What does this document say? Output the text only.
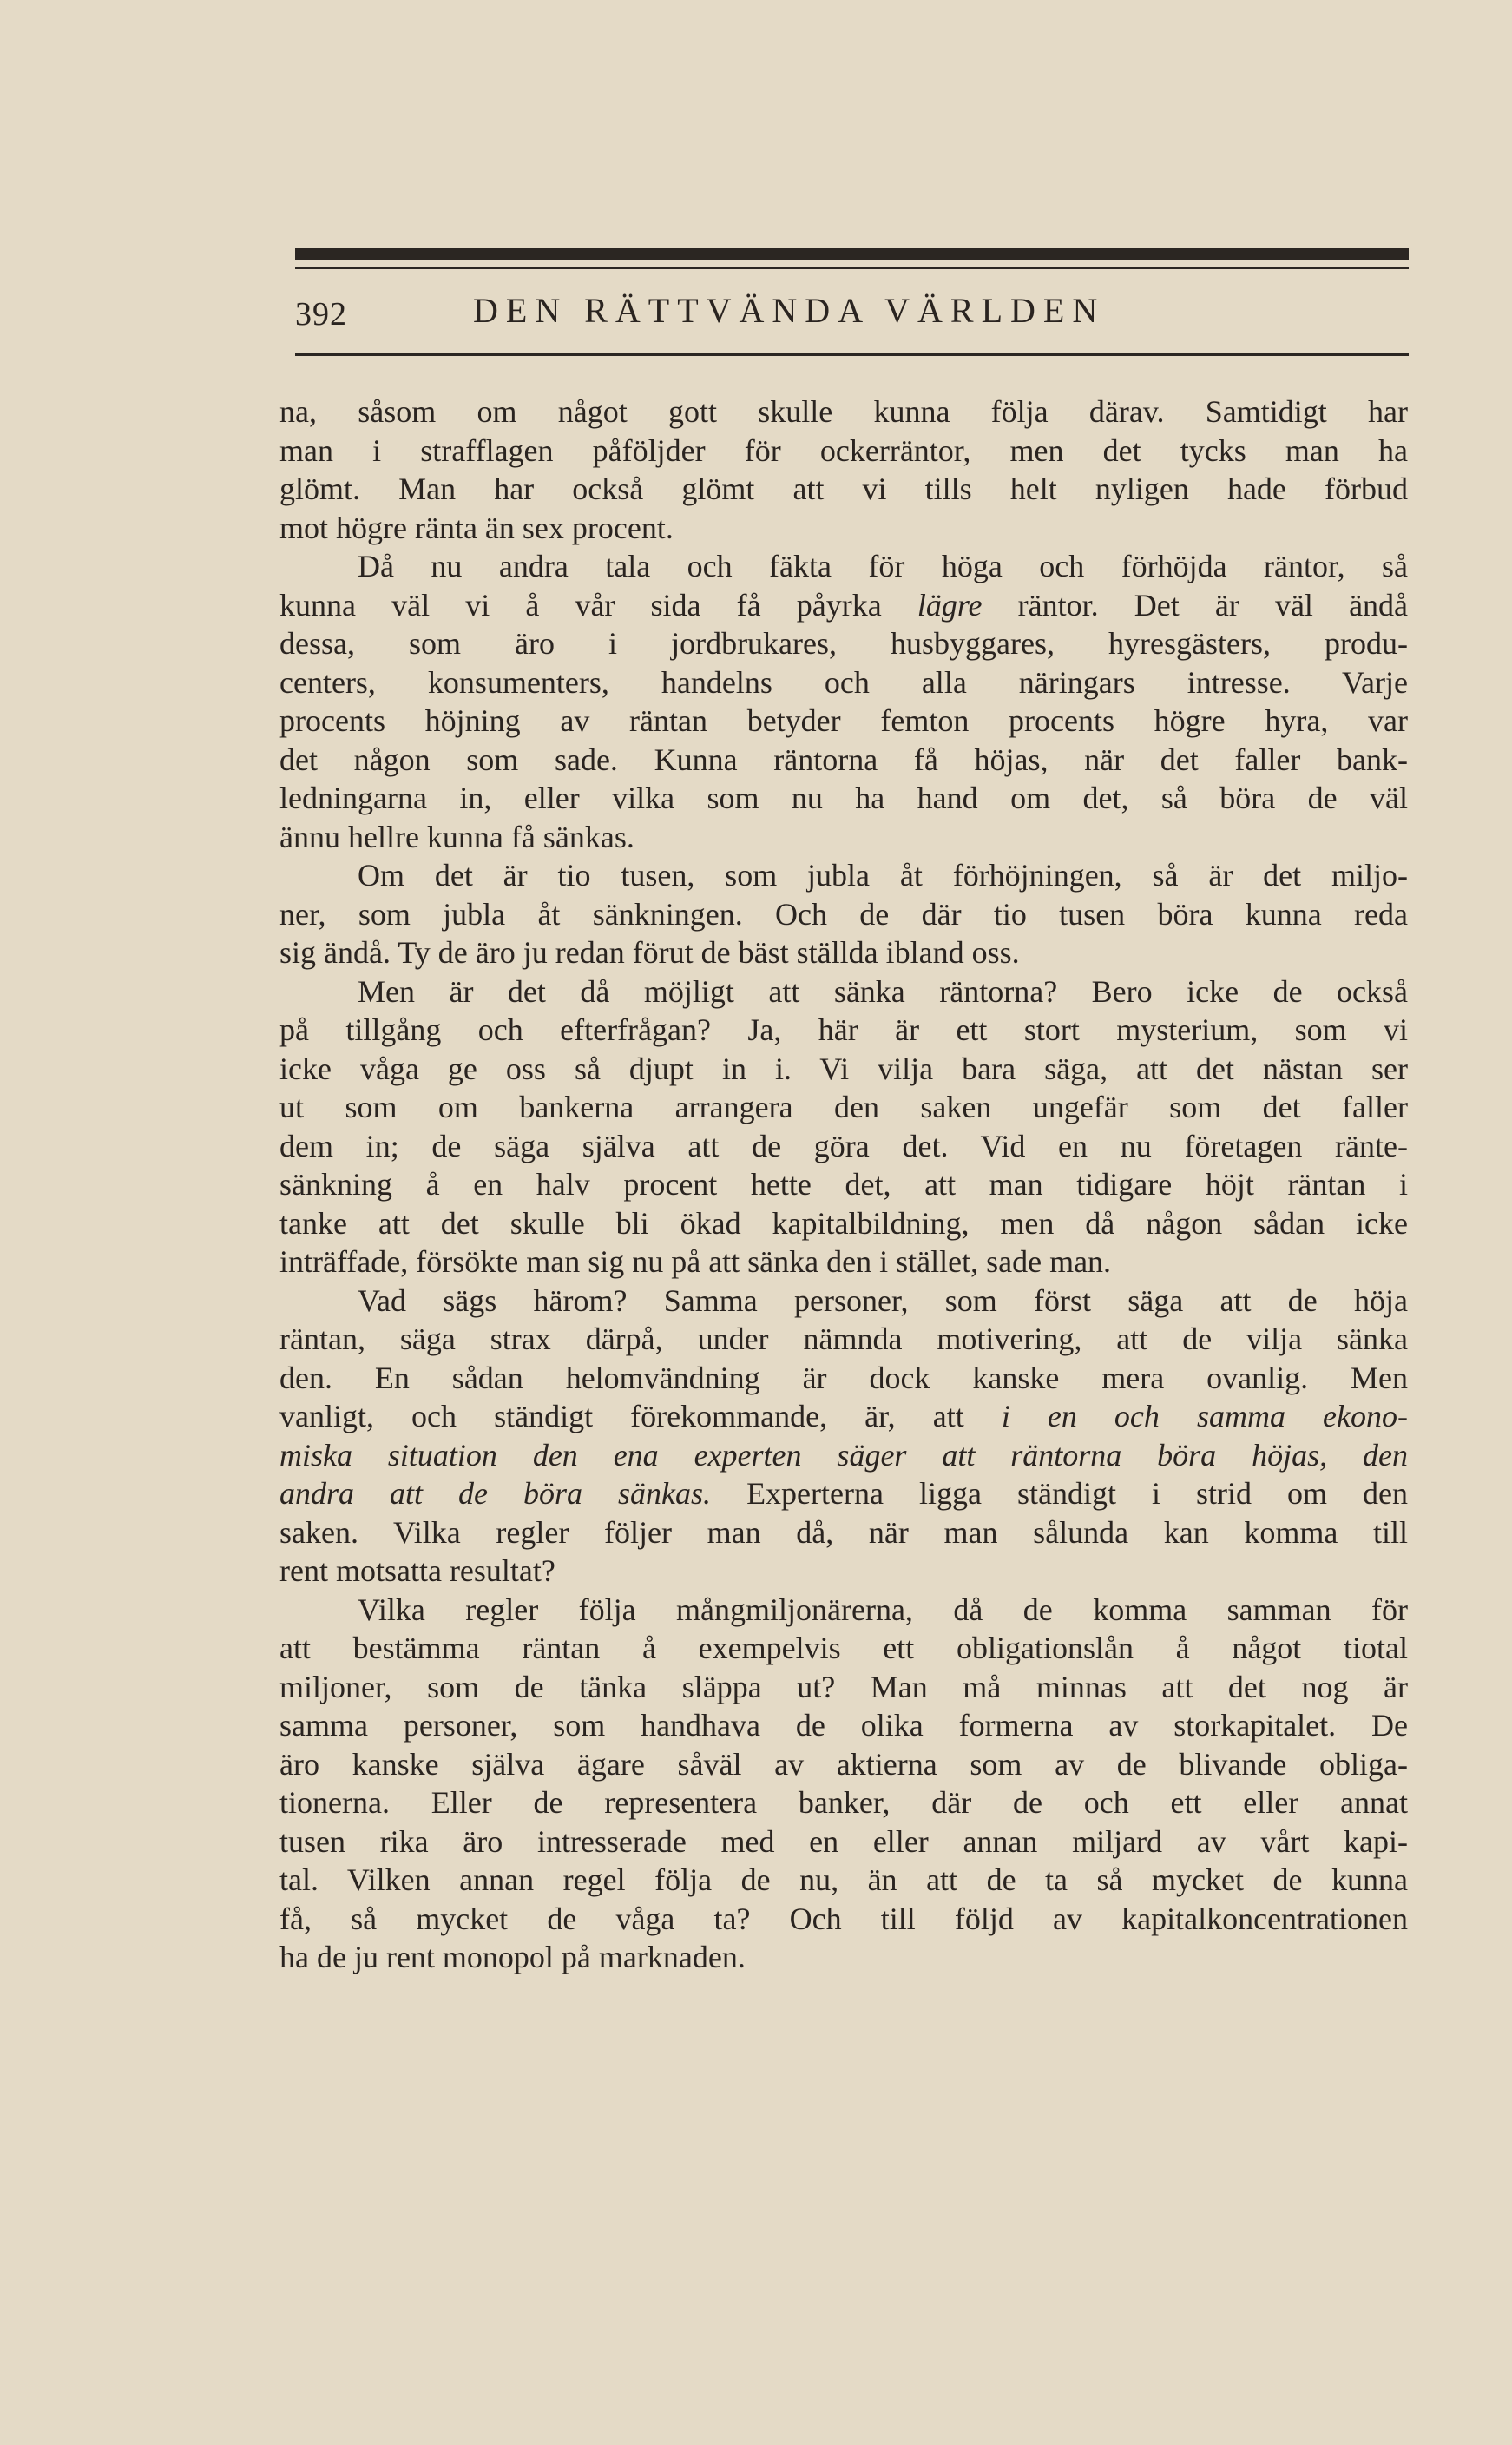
392	DEN RÄTTVÄNDA VÄRLDEN
na, såsom om något gott skulle kunna följa därav. Samtidigt har
man i strafflagen påföljder för ockerräntor, men det tycks man ha
glömt. Man har också glömt att vi tills helt nyligen hade förbud
mot högre ränta än sex procent.
Då nu andra tala och fäkta för höga och förhöjda räntor, så
kunna väl vi å vår sida få påyrka lägre räntor. Det är väl ändå
dessa, som äro i jordbrukares, husbyggares, hyresgästers, produ-
centers, konsumenters, handelns och alla näringars intresse. Varje
procents höjning av räntan betyder femton procents högre hyra, var
det någon som sade. Kunna räntorna få höjas, när det faller bank-
ledningarna in, eller vilka som nu ha hand om det, så böra de väl
ännu hellre kunna få sänkas.
Om det är tio tusen, som jubla åt förhöjningen, så är det miljo-
ner, som jubla åt sänkningen. Och de där tio tusen böra kunna reda
sig ändå. Ty de äro ju redan förut de bäst ställda ibland oss.
Men är det då möjligt att sänka räntorna? Bero icke de också
på tillgång och efterfrågan? Ja, här är ett stort mysterium, som vi
icke våga ge oss så djupt in i. Vi vilja bara säga, att det nästan ser
ut som om bankerna arrangera den saken ungefär som det faller
dem in; de säga själva att de göra det. Vid en nu företagen ränte-
sänkning å en halv procent hette det, att man tidigare höjt räntan i
tanke att det skulle bli ökad kapitalbildning, men då någon sådan icke
inträffade, försökte man sig nu på att sänka den i stället, sade man.
Vad sägs härom? Samma personer, som först säga att de höja
räntan, säga strax därpå, under nämnda motivering, att de vilja sänka
den. En sådan helomvändning är dock kanske mera ovanlig. Men
vanligt, och ständigt förekommande, är, att i en och samma ekono-
miska situation den ena experten säger att räntorna böra höjas, den
andra att de böra sänkas. Experterna ligga ständigt i strid om den
saken. Vilka regler följer man då, när man sålunda kan komma till
rent motsatta resultat?
Vilka regler följa mångmiljonärerna, då de komma samman för
att bestämma räntan å exempelvis ett obligationslån å något tiotal
miljoner, som de tänka släppa ut? Man må minnas att det nog är
samma personer, som handhava de olika formerna av storkapitalet. De
äro kanske själva ägare såväl av aktierna som av de blivande obliga-
tionerna. Eller de representera banker, där de och ett eller annat
tusen rika äro intresserade med en eller annan miljard av vårt kapi-
tal. Vilken annan regel följa de nu, än att de ta så mycket de kunna
få, så mycket de våga ta? Och till följd av kapitalkoncentrationen
ha de ju rent monopol på marknaden.
